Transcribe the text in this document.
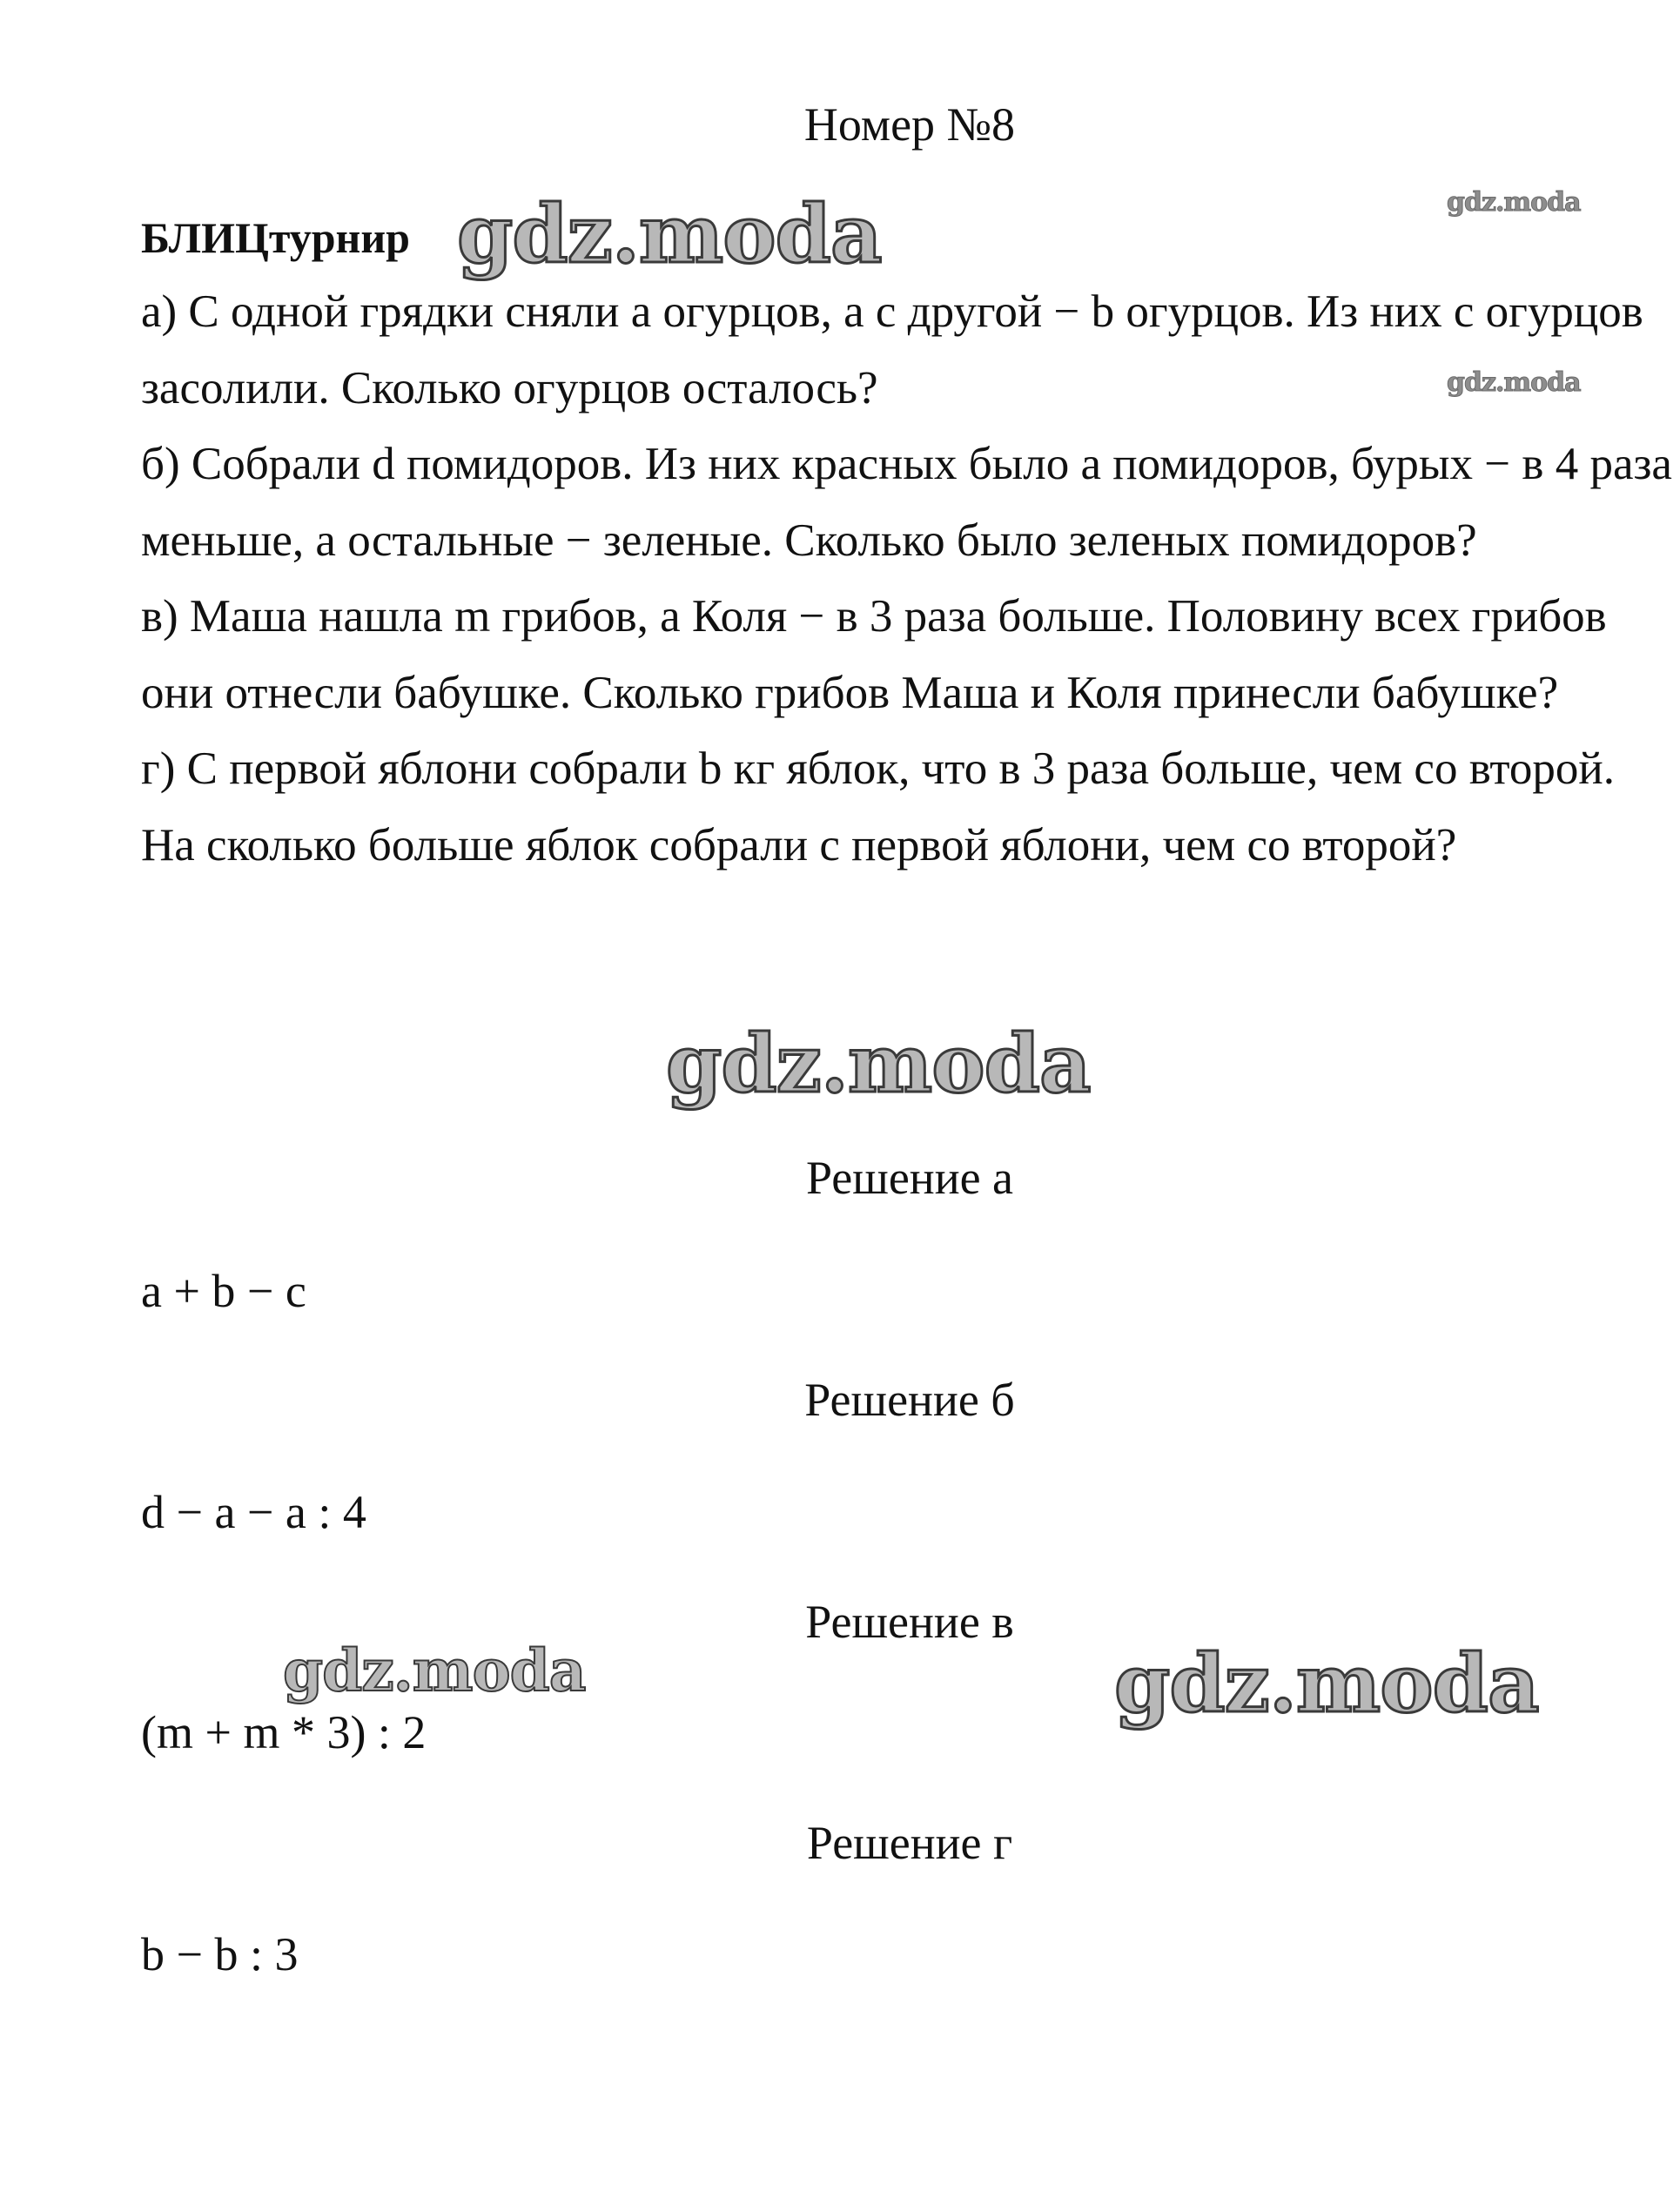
Номер №8
БЛИЦтурнир

а) С одной грядки сняли a огурцов, а с другой − b огурцов. Из них c огурцов засолили. Сколько огурцов осталось?

б) Собрали d помидоров. Из них красных было a помидоров, бурых − в 4 раза меньше, а остальные − зеленые. Сколько было зеленых помидоров?

в) Маша нашла m грибов, а Коля − в 3 раза больше. Половину всех грибов они отнесли бабушке. Сколько грибов Маша и Коля принесли бабушке?

г) С первой яблони собрали b кг яблок, что в 3 раза больше, чем со второй. На сколько больше яблок собрали с первой яблони, чем со второй?

Решение а
a + b − c
Решение б
d − a − a : 4
Решение в
(m + m * 3) : 2
Решение г
b − b : 3
gdz.moda	gdz.moda
gdz.moda
gdz.moda
gdz.moda	gdz.moda
